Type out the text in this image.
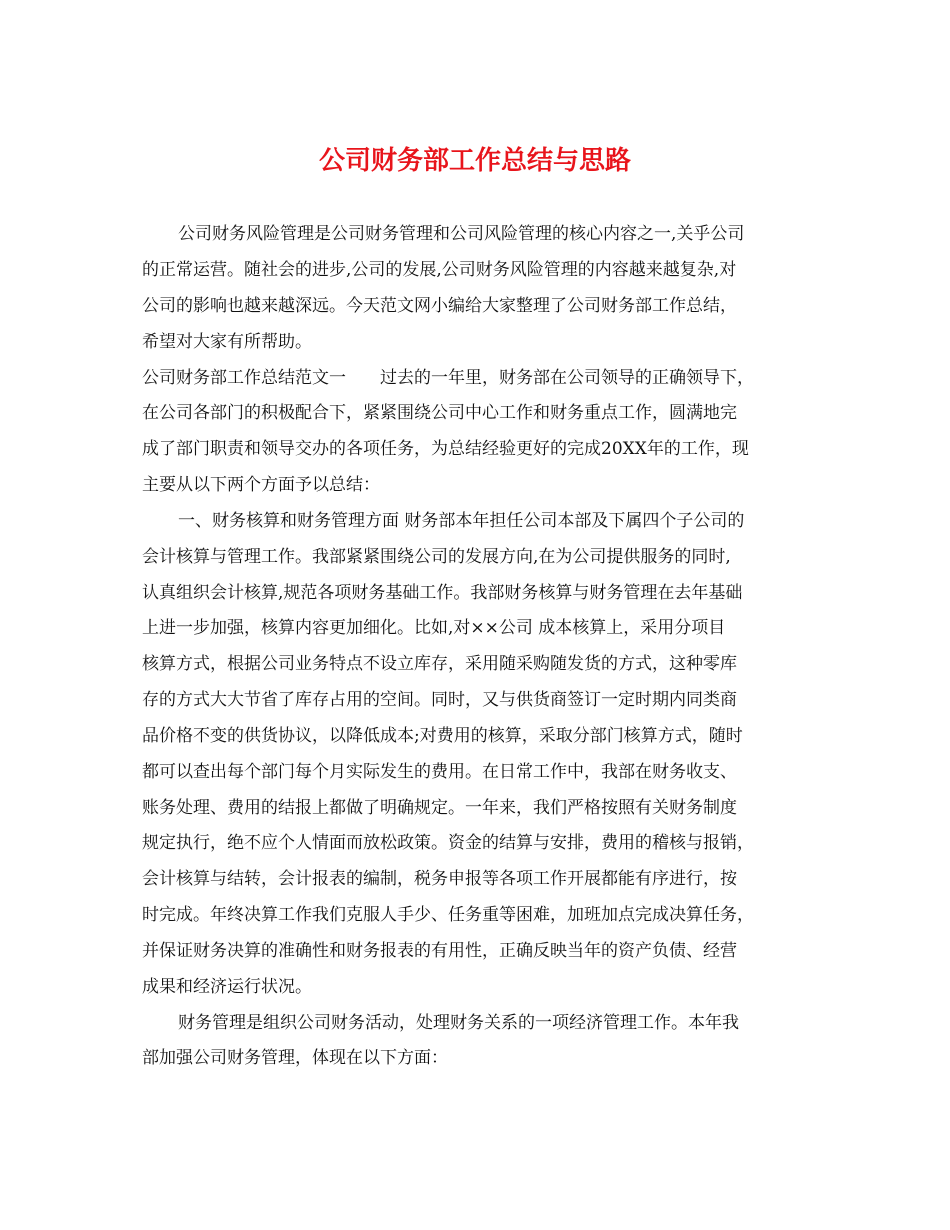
公司财务部工作总结与思路
公司财务风险管理是公司财务管理和公司风险管理的核心内容之一,关乎公司
的正常运营。随社会的进步,公司的发展,公司财务风险管理的内容越来越复杂,对
公司的影响也越来越深远。今天范文网小编给大家整理了公司财务部工作总结，
希望对大家有所帮助。
公司财务部工作总结范文一　　过去的一年里，财务部在公司领导的正确领导下，
在公司各部门的积极配合下，紧紧围绕公司中心工作和财务重点工作，圆满地完
成了部门职责和领导交办的各项任务，为总结经验更好的完成20XX年的工作，现
主要从以下两个方面予以总结：
一、财务核算和财务管理方面 财务部本年担任公司本部及下属四个子公司的
会计核算与管理工作。我部紧紧围绕公司的发展方向,在为公司提供服务的同时,
认真组织会计核算,规范各项财务基础工作。我部财务核算与财务管理在去年基础
上进一步加强，核算内容更加细化。比如,对××公司 成本核算上，采用分项目
核算方式，根据公司业务特点不设立库存，采用随采购随发货的方式，这种零库
存的方式大大节省了库存占用的空间。同时，又与供货商签订一定时期内同类商
品价格不变的供货协议，以降低成本;对费用的核算，采取分部门核算方式，随时
都可以查出每个部门每个月实际发生的费用。在日常工作中，我部在财务收支、
账务处理、费用的结报上都做了明确规定。一年来，我们严格按照有关财务制度
规定执行，绝不应个人情面而放松政策。资金的结算与安排，费用的稽核与报销，
会计核算与结转，会计报表的编制，税务申报等各项工作开展都能有序进行，按
时完成。年终决算工作我们克服人手少、任务重等困难，加班加点完成决算任务，
并保证财务决算的准确性和财务报表的有用性，正确反映当年的资产负债、经营
成果和经济运行状况。
财务管理是组织公司财务活动，处理财务关系的一项经济管理工作。本年我
部加强公司财务管理，体现在以下方面：
